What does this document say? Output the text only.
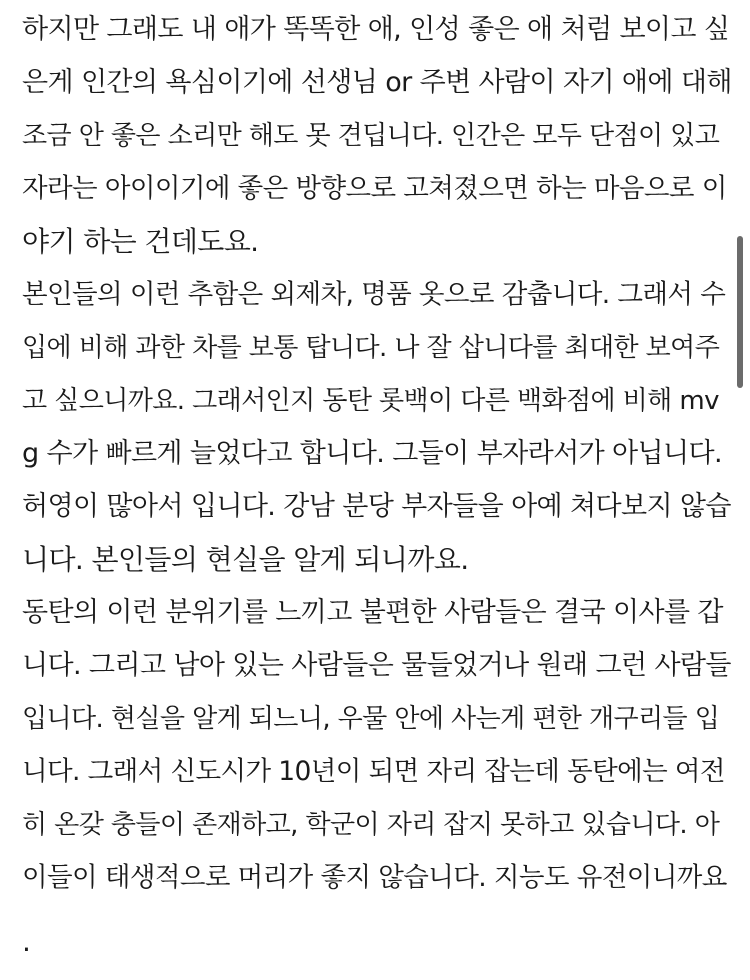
하지만 그래도 내 애가 똑똑한 애, 인성 좋은 애 처럼 보이고 싶
은게 인간의 욕심이기에 선생님 or 주변 사람이 자기 애에 대해
조금 안 좋은 소리만 해도 못 견딥니다. 인간은 모두 단점이 있고
자라는 아이이기에 좋은 방향으로 고쳐졌으면 하는 마음으로 이
야기 하는 건데도요.
본인들의 이런 추함은 외제차, 명품 옷으로 감춥니다. 그래서 수
입에 비해 과한 차를 보통 탑니다. 나 잘 삽니다를 최대한 보여주
고 싶으니까요. 그래서인지 동탄 롯백이 다른 백화점에 비해 mv
g 수가 빠르게 늘었다고 합니다. 그들이 부자라서가 아닙니다.
허영이 많아서 입니다. 강남 분당 부자들을 아예 쳐다보지 않습
니다. 본인들의 현실을 알게 되니까요.
동탄의 이런 분위기를 느끼고 불편한 사람들은 결국 이사를 갑
니다. 그리고 남아 있는 사람들은 물들었거나 원래 그런 사람들
입니다. 현실을 알게 되느니, 우물 안에 사는게 편한 개구리들 입
니다. 그래서 신도시가 10년이 되면 자리 잡는데 동탄에는 여전
히 온갖 충들이 존재하고, 학군이 자리 잡지 못하고 있습니다. 아
이들이 태생적으로 머리가 좋지 않습니다. 지능도 유전이니까요
.
